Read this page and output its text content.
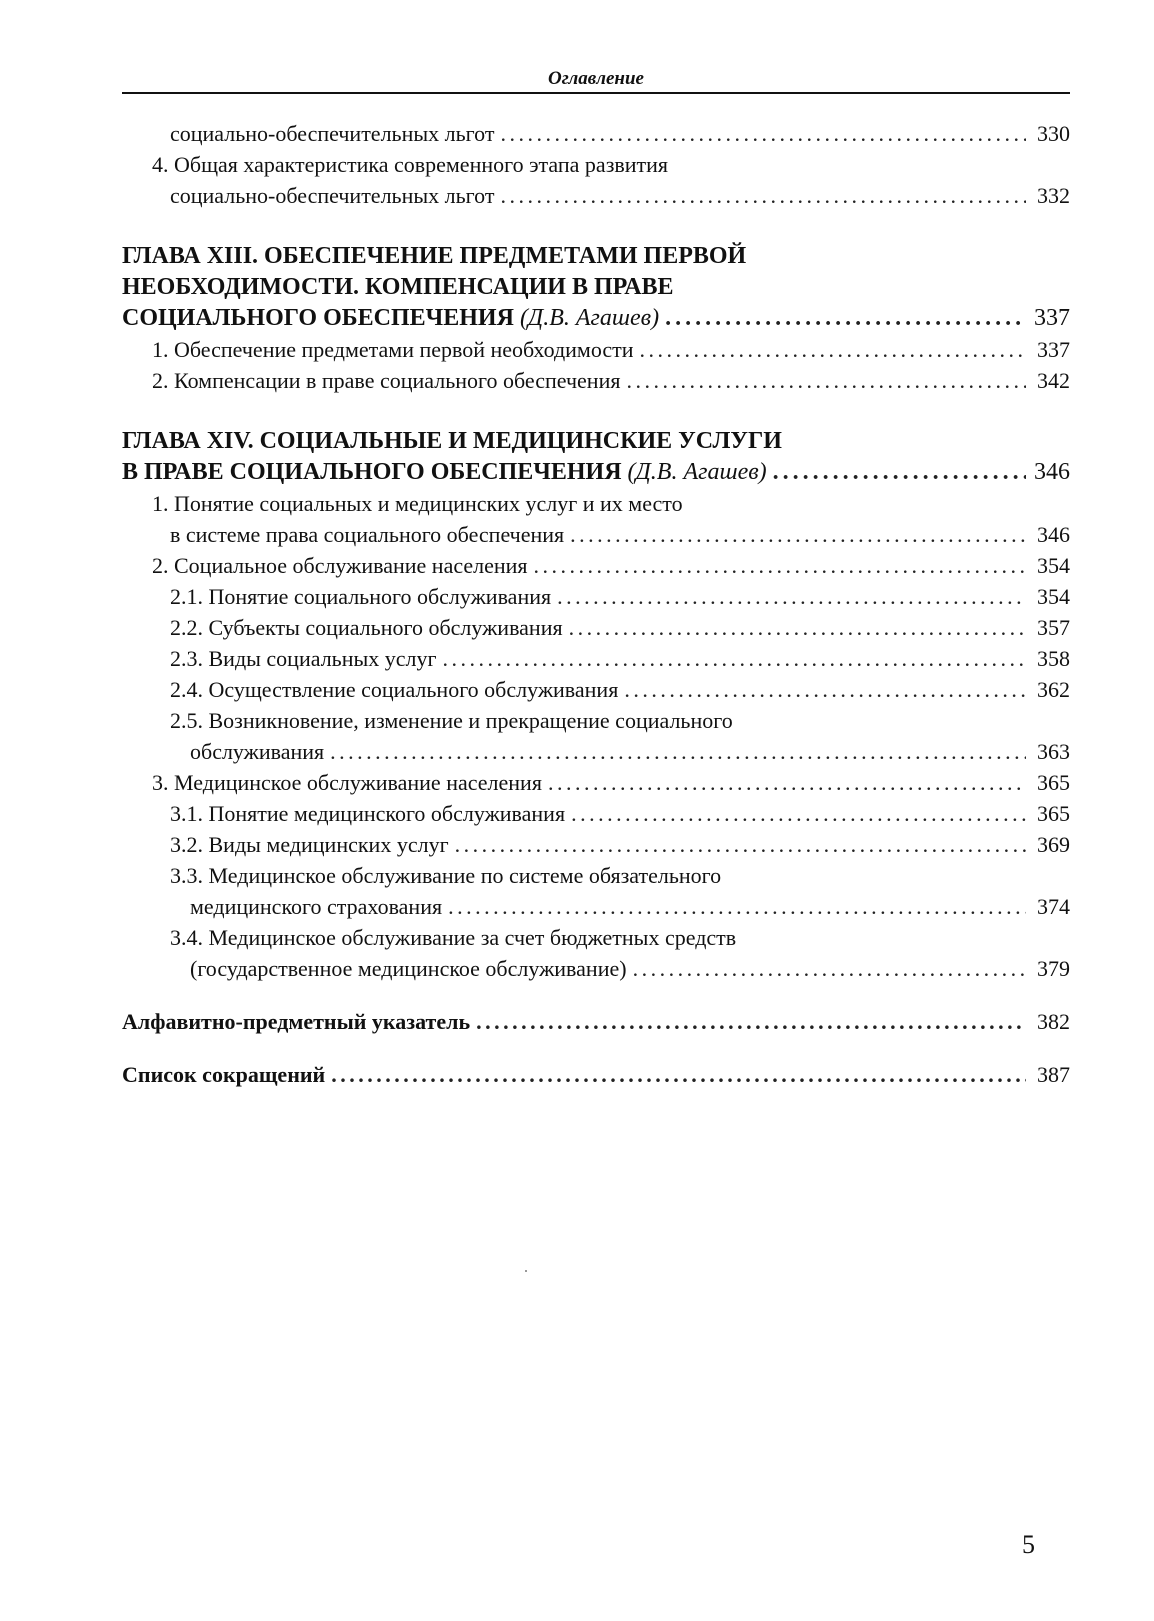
Оглавление
социально-обеспечительных льгот . . .	330
4. Общая характеристика современного этапа развития
социально-обеспечительных льгот . . .	332
ГЛАВА XIII. ОБЕСПЕЧЕНИЕ ПРЕДМЕТАМИ ПЕРВОЙ
НЕОБХОДИМОСТИ. КОМПЕНСАЦИИ В ПРАВЕ
СОЦИАЛЬНОГО ОБЕСПЕЧЕНИЯ (Д.В. Агашев) . . .	337
1. Обеспечение предметами первой необходимости . . .	337
2. Компенсации в праве социального обеспечения . . .	342
ГЛАВА XIV. СОЦИАЛЬНЫЕ И МЕДИЦИНСКИЕ УСЛУГИ
В ПРАВЕ СОЦИАЛЬНОГО ОБЕСПЕЧЕНИЯ (Д.В. Агашев) . . .	346
1. Понятие социальных и медицинских услуг и их место
в системе права социального обеспечения . . .	346
2. Социальное обслуживание населения . . .	354
2.1. Понятие социального обслуживания . . .	354
2.2. Субъекты социального обслуживания . . .	357
2.3. Виды социальных услуг . . .	358
2.4. Осуществление социального обслуживания . . .	362
2.5. Возникновение, изменение и прекращение социального
обслуживания . . .	363
3. Медицинское обслуживание населения . . .	365
3.1. Понятие медицинского обслуживания . . .	365
3.2. Виды медицинских услуг . . .	369
3.3. Медицинское обслуживание по системе обязательного
медицинского страхования . . .	374
3.4. Медицинское обслуживание за счет бюджетных средств
(государственное медицинское обслуживание) . . .	379
Алфавитно-предметный указатель . . .	382
Список сокращений . . .	387
5
